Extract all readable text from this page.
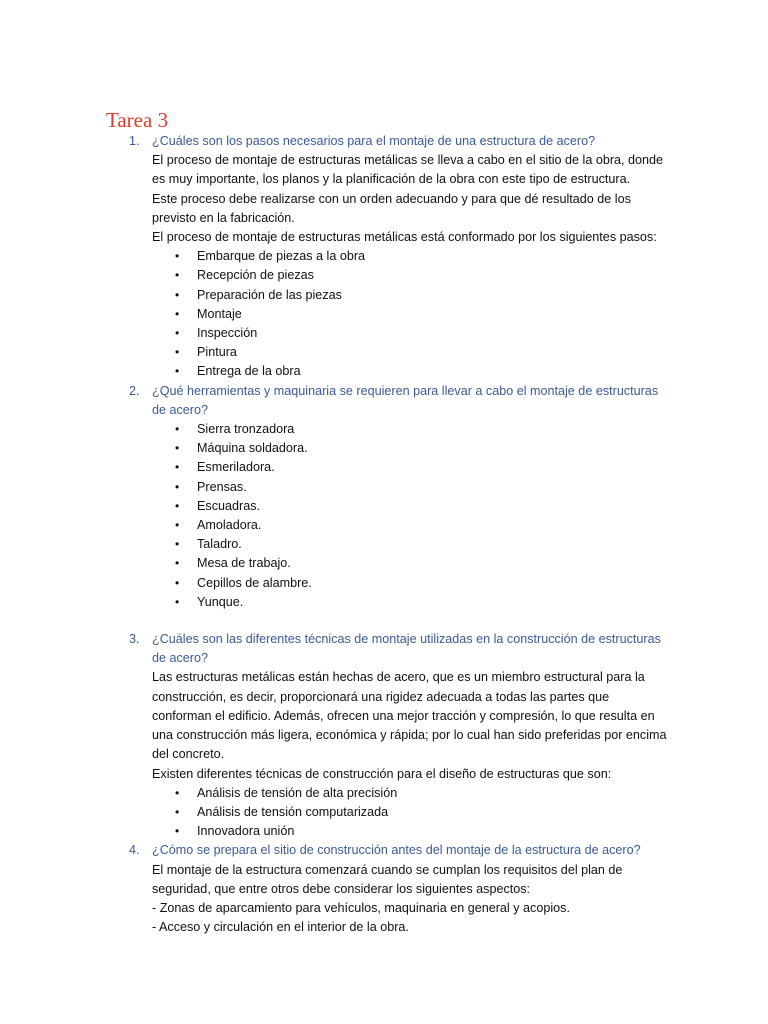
Tarea 3
1. ¿Cuáles son los pasos necesarios para el montaje de una estructura de acero?

El proceso de montaje de estructuras metálicas se lleva a cabo en el sitio de la obra, donde es muy importante, los planos y la planificación de la obra con este tipo de estructura.

Este proceso debe realizarse con un orden adecuando y para que dé resultado de los previsto en la fabricación.

El proceso de montaje de estructuras metálicas está conformado por los siguientes pasos:

• Embarque de piezas a la obra
• Recepción de piezas
• Preparación de las piezas
• Montaje
• Inspección
• Pintura
• Entrega de la obra
2. ¿Qué herramientas y maquinaria se requieren para llevar a cabo el montaje de estructuras de acero?
• Sierra tronzadora
• Máquina soldadora.
• Esmeriladora.
• Prensas.
• Escuadras.
• Amoladora.
• Taladro.
• Mesa de trabajo.
• Cepillos de alambre.
• Yunque.
3. ¿Cuáles son las diferentes técnicas de montaje utilizadas en la construcción de estructuras de acero?

Las estructuras metálicas están hechas de acero, que es un miembro estructural para la construcción, es decir, proporcionará una rigidez adecuada a todas las partes que conforman el edificio. Además, ofrecen una mejor tracción y compresión, lo que resulta en una construcción más ligera, económica y rápida; por lo cual han sido preferidas por encima del concreto.

Existen diferentes técnicas de construcción para el diseño de estructuras que son:

• Análisis de tensión de alta precisión
• Análisis de tensión computarizada
• Innovadora unión
4. ¿Cómo se prepara el sitio de construcción antes del montaje de la estructura de acero?

El montaje de la estructura comenzará cuando se cumplan los requisitos del plan de seguridad, que entre otros debe considerar los siguientes aspectos:

- Zonas de aparcamiento para vehículos, maquinaria en general y acopios.

- Acceso y circulación en el interior de la obra.
